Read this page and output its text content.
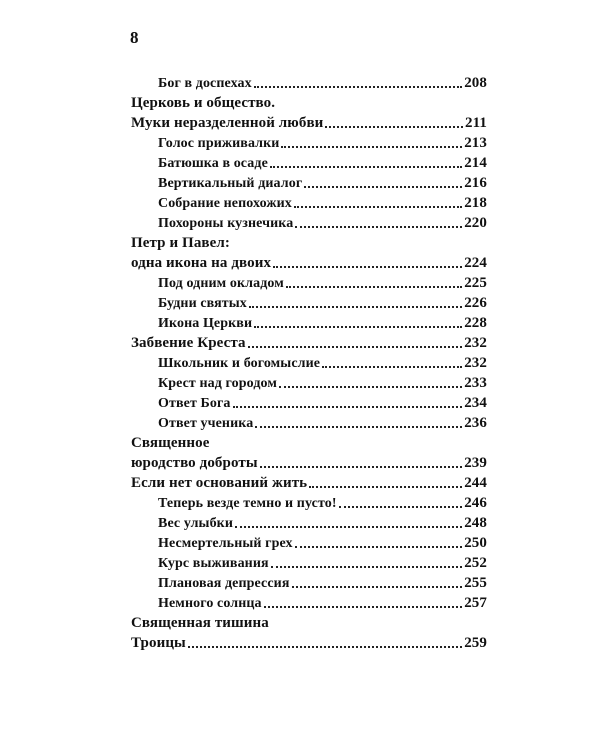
8
Бог в доспехах	208
Церковь и общество.
Муки неразделенной любви	211
Голос приживалки	213
Батюшка в осаде	214
Вертикальный диалог	216
Собрание непохожих	218
Похороны кузнечика	220
Петр и Павел:
одна икона на двоих	224
Под одним окладом	225
Будни святых	226
Икона Церкви	228
Забвение Креста	232
Школьник и богомыслие	232
Крест над городом	233
Ответ Бога	234
Ответ ученика	236
Священное
юродство доброты	239
Если нет оснований жить	244
Теперь везде темно и пусто!	246
Вес улыбки	248
Несмертельный грех	250
Курс выживания	252
Плановая депрессия	255
Немного солнца	257
Священная тишина
Троицы	259
